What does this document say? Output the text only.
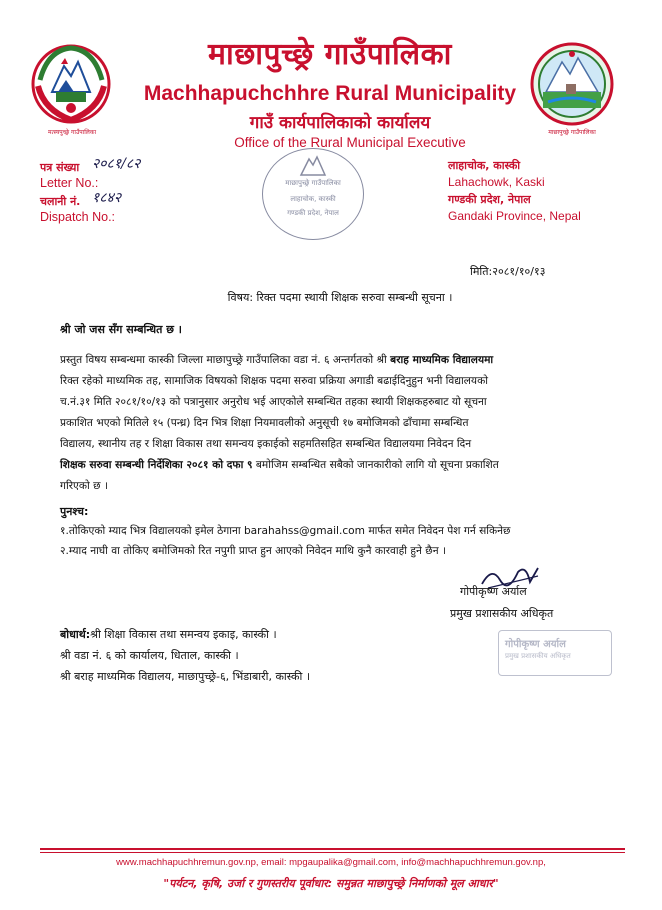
मत्स्यपुच्छ्रे गाउँपालिका	माछापुच्छ्रे गाउँपालिका
माछापुच्छ्रे गाउँपालिका
Machhapuchchhre Rural Municipality
गाउँ कार्यपालिकाको कार्यालय
Office of the Rural Municipal Executive
पत्र संख्या २०८१/८२
Letter No.:
चलानी नं. १८४२
Dispatch No.:
माछापुच्छ्रे गाउँपालिका
लाहाचोक, कास्की
गण्डकी प्रदेश, नेपाल
लाहाचोक, कास्की
Lahachowk, Kaski
गण्डकी प्रदेश, नेपाल
Gandaki Province, Nepal
मिति:२०८१/१०/१३
विषय: रिक्त पदमा स्थायी शिक्षक सरुवा सम्बन्धी सूचना ।
श्री जो जस सँग सम्बन्धित छ ।
प्रस्तुत विषय सम्बन्धमा कास्की जिल्ला माछापुच्छ्रे गाउँपालिका वडा नं. ६ अन्तर्गतको श्री बराह माध्यमिक विद्यालयमा
रिक्त रहेको माध्यमिक तह, सामाजिक विषयको शिक्षक पदमा सरुवा प्रक्रिया अगाडी बढाईदिनुहुन भनी विद्यालयको
च.नं.३१ मिति २०८१/१०/१३ को पत्रानुसार अनुरोध भई आएकोले सम्बन्धित तहका स्थायी शिक्षकहरुबाट यो सूचना
प्रकाशित भएको मितिले १५ (पन्ध्र) दिन भित्र शिक्षा नियमावलीको अनुसूची १७ बमोजिमको ढाँचामा सम्बन्धित
विद्यालय, स्थानीय तह र शिक्षा विकास तथा समन्वय इकाईको सहमतिसहित सम्बन्धित विद्यालयमा निवेदन दिन
शिक्षक सरुवा सम्बन्धी निर्देशिका २०८१ को दफा ९ बमोजिम सम्बन्धित सबैको जानकारीको लागि यो सूचना प्रकाशित
गरिएको छ ।
पुनश्च:
१.तोकिएको म्याद भित्र विद्यालयको इमेल ठेगाना barahahss@gmail.com मार्फत समेत निवेदन पेश गर्न सकिनेछ
२.म्याद नाघी वा तोकिए बमोजिमको रित नपुगी प्राप्त हुन आएको निवेदन माथि कुनै कारवाही हुने छैन ।
गोपीकृष्ण अर्याल
प्रमुख प्रशासकीय अधिकृत
गोपीकृष्ण अर्याल
प्रमुख प्रशासकीय अधिकृत
बोधार्थ:श्री शिक्षा विकास तथा समन्वय इकाइ, कास्की ।
श्री वडा नं. ६ को कार्यालय, धिताल, कास्की ।
श्री बराह माध्यमिक विद्यालय, माछापुच्छ्रे-६, भिंडाबारी, कास्की ।
www.machhapuchhremun.gov.np, email: mpgaupalika@gmail.com, info@machhapuchhremun.gov.np,
"पर्यटन, कृषि, उर्जा र गुणस्तरीय पूर्वाधार: समुन्नत माछापुच्छ्रे निर्माणको मूल आधार"
